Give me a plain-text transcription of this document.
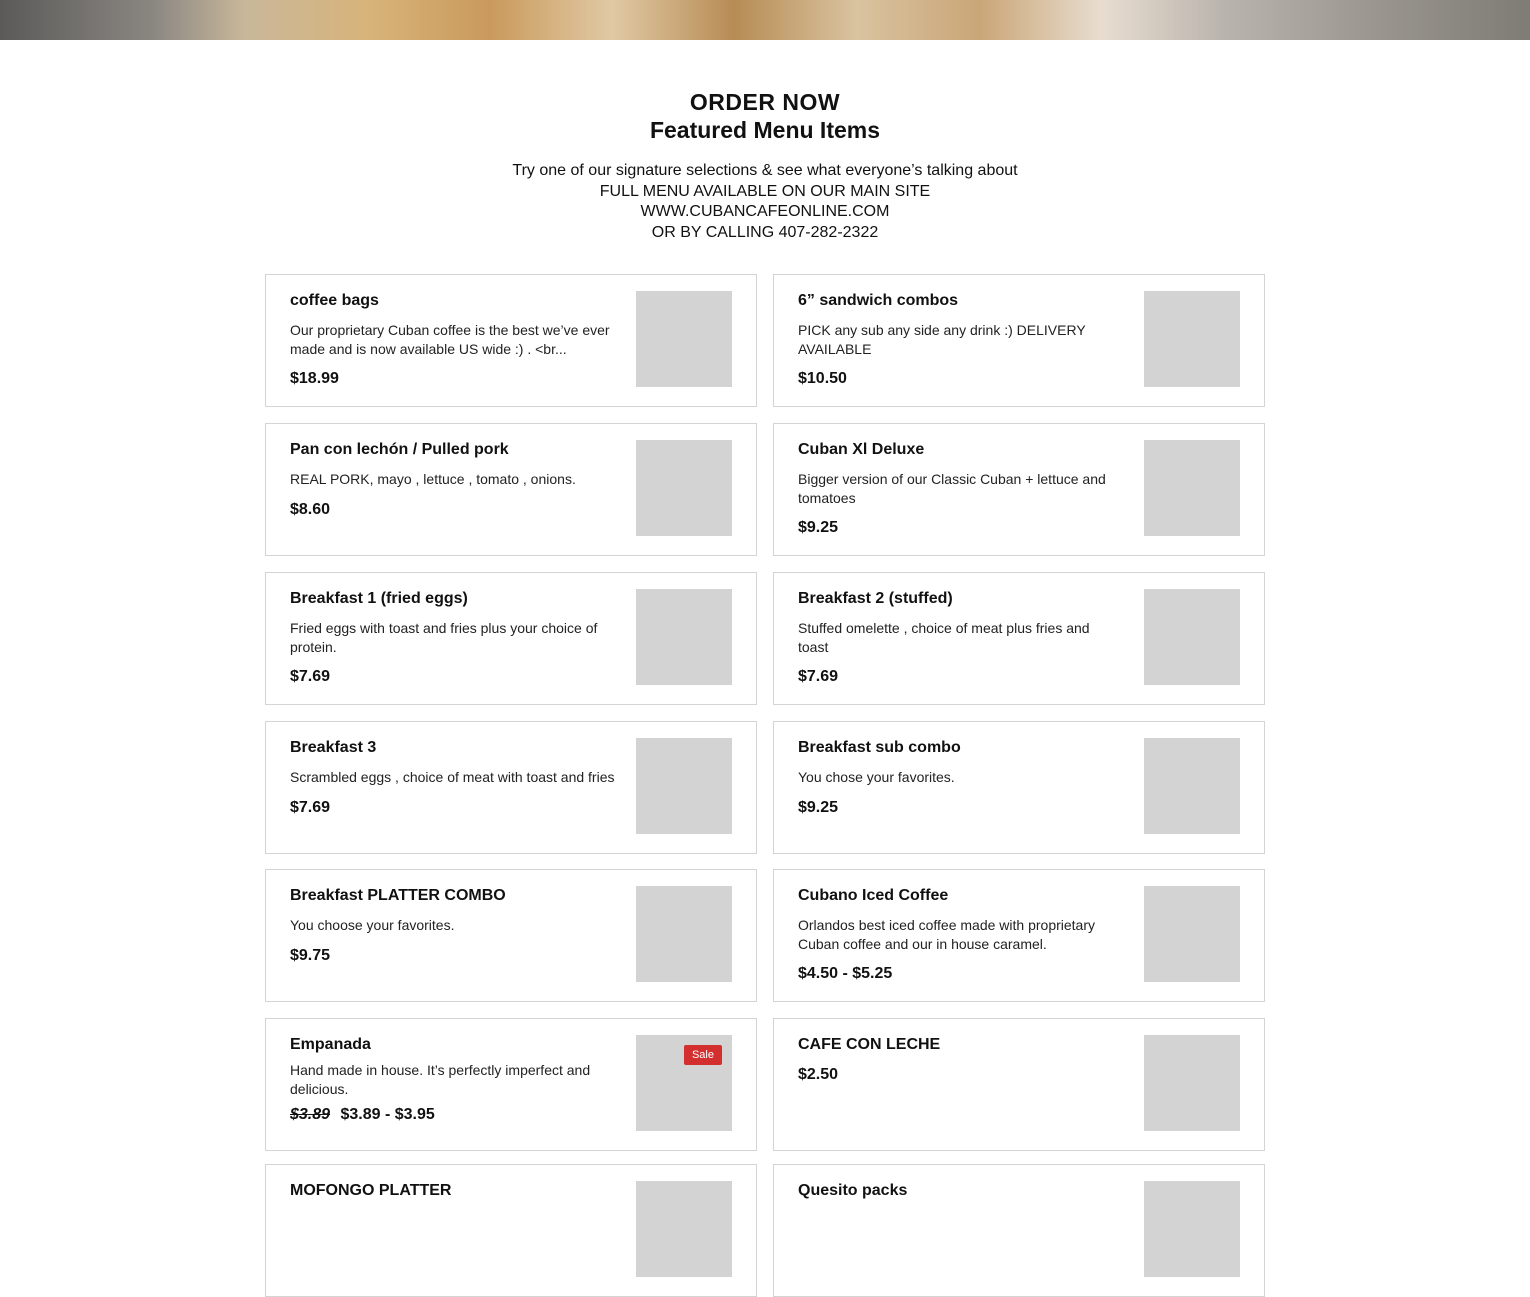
ORDER NOW
Featured Menu Items
Try one of our signature selections & see what everyone’s talking about
FULL MENU AVAILABLE ON OUR MAIN SITE
WWW.CUBANCAFEONLINE.COM
OR BY CALLING 407-282-2322
coffee bags
Our proprietary Cuban coffee is the best we’ve ever made and is now available US wide :) . <br...
$18.99
6” sandwich combos
PICK any sub any side any drink :) DELIVERY AVAILABLE
$10.50
Pan con lechón / Pulled pork
REAL PORK, mayo , lettuce , tomato , onions.
$8.60
Cuban Xl Deluxe
Bigger version of our Classic Cuban + lettuce and tomatoes
$9.25
Breakfast 1 (fried eggs)
Fried eggs with toast and fries plus your choice of protein.
$7.69
Breakfast 2 (stuffed)
Stuffed omelette , choice of meat plus fries and toast
$7.69
Breakfast 3
Scrambled eggs , choice of meat with toast and fries
$7.69
Breakfast sub combo
You chose your favorites.
$9.25
Breakfast PLATTER COMBO
You choose your favorites.
$9.75
Cubano Iced Coffee
Orlandos best iced coffee made with proprietary Cuban coffee and our in house caramel.
$4.50 - $5.25
Empanada
Hand made in house. It’s perfectly imperfect and delicious.
$3.89 $3.89 - $3.95
Sale
CAFE CON LECHE
$2.50
MOFONGO PLATTER	Quesito packs
